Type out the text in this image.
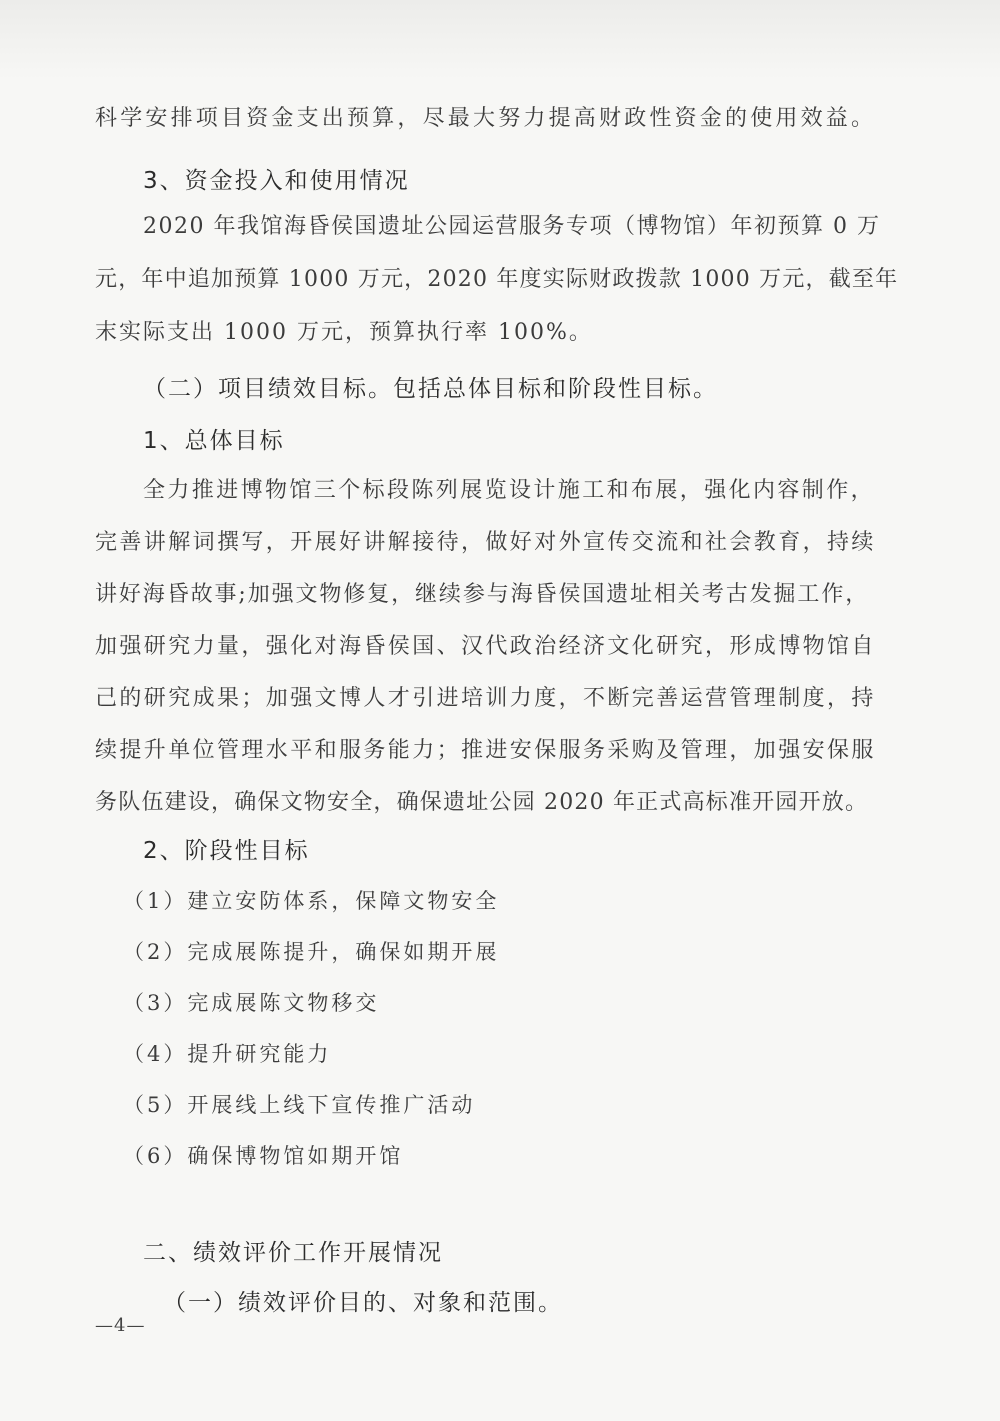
科学安排项目资金支出预算，尽最大努力提高财政性资金的使用效益。
3、资金投入和使用情况
2020 年我馆海昏侯国遗址公园运营服务专项（博物馆）年初预算 0 万
元，年中追加预算 1000 万元，2020 年度实际财政拨款 1000 万元，截至年
末实际支出 1000 万元，预算执行率 100%。
（二）项目绩效目标。包括总体目标和阶段性目标。
1、总体目标
全力推进博物馆三个标段陈列展览设计施工和布展，强化内容制作，
完善讲解词撰写，开展好讲解接待，做好对外宣传交流和社会教育，持续
讲好海昏故事;加强文物修复，继续参与海昏侯国遗址相关考古发掘工作，
加强研究力量，强化对海昏侯国、汉代政治经济文化研究，形成博物馆自
己的研究成果；加强文博人才引进培训力度，不断完善运营管理制度，持
续提升单位管理水平和服务能力；推进安保服务采购及管理，加强安保服
务队伍建设，确保文物安全，确保遗址公园 2020 年正式高标准开园开放。
2、阶段性目标
（1）建立安防体系，保障文物安全
（2）完成展陈提升，确保如期开展
（3）完成展陈文物移交
（4）提升研究能力
（5）开展线上线下宣传推广活动
（6）确保博物馆如期开馆
二、绩效评价工作开展情况
（一）绩效评价目的、对象和范围。
—4—
